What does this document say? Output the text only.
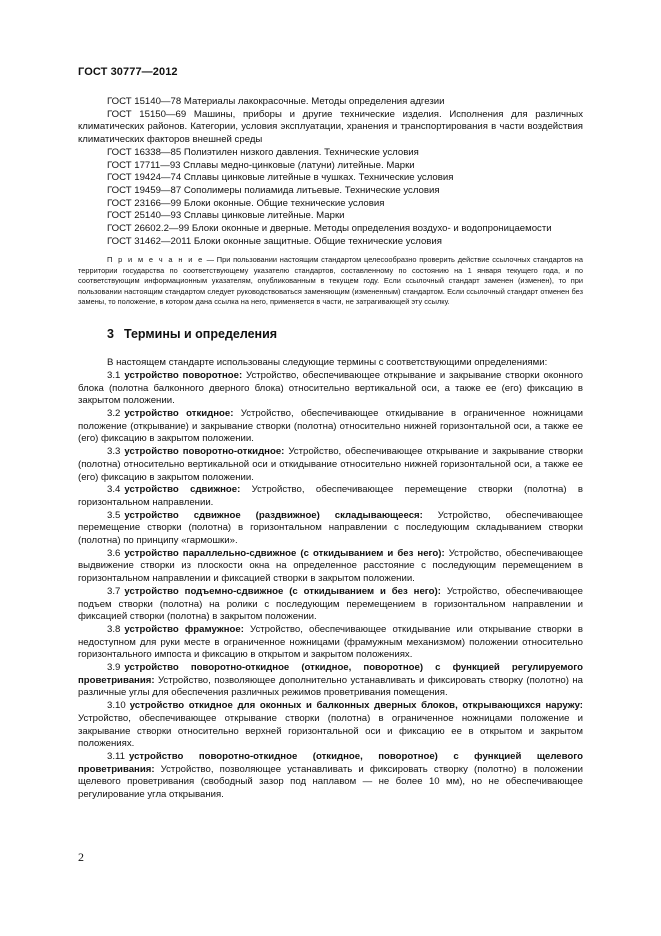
ГОСТ 30777—2012

ГОСТ 15140—78 Материалы лакокрасочные. Методы определения адгезии

ГОСТ 15150—69 Машины, приборы и другие технические изделия. Исполнения для различных климатических районов. Категории, условия эксплуатации, хранения и транспортирования в части воздействия климатических факторов внешней среды

ГОСТ 16338—85 Полиэтилен низкого давления. Технические условия

ГОСТ 17711—93 Сплавы медно-цинковые (латуни) литейные. Марки

ГОСТ 19424—74 Сплавы цинковые литейные в чушках. Технические условия

ГОСТ 19459—87 Сополимеры полиамида литьевые. Технические условия

ГОСТ 23166—99 Блоки оконные. Общие технические условия

ГОСТ 25140—93 Сплавы цинковые литейные. Марки

ГОСТ 26602.2—99 Блоки оконные и дверные. Методы определения воздухо- и водопроницаемости

ГОСТ 31462—2011 Блоки оконные защитные. Общие технические условия

П р и м е ч а н и е — При пользовании настоящим стандартом целесообразно проверить действие ссылочных стандартов на территории государства по соответствующему указателю стандартов, составленному по состоянию на 1 января текущего года, и по соответствующим информационным указателям, опубликованным в текущем году. Если ссылочный стандарт заменен (изменен), то при пользовании настоящим стандартом следует руководствоваться заменяющим (измененным) стандартом. Если ссылочный стандарт отменен без замены, то положение, в котором дана ссылка на него, применяется в части, не затрагивающей эту ссылку.

3 Термины и определения

В настоящем стандарте использованы следующие термины с соответствующими определениями:

3.1 устройство поворотное: Устройство, обеспечивающее открывание и закрывание створки оконного блока (полотна балконного дверного блока) относительно вертикальной оси, а также ее (его) фиксацию в закрытом положении.

3.2 устройство откидное: Устройство, обеспечивающее откидывание в ограниченное ножницами положение (открывание) и закрывание створки (полотна) относительно нижней горизонтальной оси, а также ее (его) фиксацию в закрытом положении.

3.3 устройство поворотно-откидное: Устройство, обеспечивающее открывание и закрывание створки (полотна) относительно вертикальной оси и откидывание относительно нижней горизонтальной оси, а также ее (его) фиксацию в закрытом положении.

3.4 устройство сдвижное: Устройство, обеспечивающее перемещение створки (полотна) в горизонтальном направлении.

3.5 устройство сдвижное (раздвижное) складывающееся: Устройство, обеспечивающее перемещение створки (полотна) в горизонтальном направлении с последующим складыванием створки (полотна) по принципу «гармошки».

3.6 устройство параллельно-сдвижное (с откидыванием и без него): Устройство, обеспечивающее выдвижение створки из плоскости окна на определенное расстояние с последующим перемещением в горизонтальном направлении и фиксацией створки в закрытом положении.

3.7 устройство подъемно-сдвижное (с откидыванием и без него): Устройство, обеспечивающее подъем створки (полотна) на ролики с последующим перемещением в горизонтальном направлении и фиксацией створки (полотна) в закрытом положении.

3.8 устройство фрамужное: Устройство, обеспечивающее откидывание или открывание створки в недоступном для руки месте в ограниченное ножницами (фрамужным механизмом) положении относительно горизонтального импоста и фиксацию в открытом и закрытом положениях.

3.9 устройство поворотно-откидное (откидное, поворотное) с функцией регулируемого проветривания: Устройство, позволяющее дополнительно устанавливать и фиксировать створку (полотно) на различные углы для обеспечения различных режимов проветривания помещения.

3.10 устройство откидное для оконных и балконных дверных блоков, открывающихся наружу: Устройство, обеспечивающее открывание створки (полотна) в ограниченное ножницами положение и закрывание створки относительно верхней горизонтальной оси и фиксацию ее в открытом и закрытом положениях.

3.11 устройство поворотно-откидное (откидное, поворотное) с функцией щелевого проветривания: Устройство, позволяющее устанавливать и фиксировать створку (полотно) в положении щелевого проветривания (свободный зазор под наплавом — не более 10 мм), но не обеспечивающее регулирование угла открывания.

2
